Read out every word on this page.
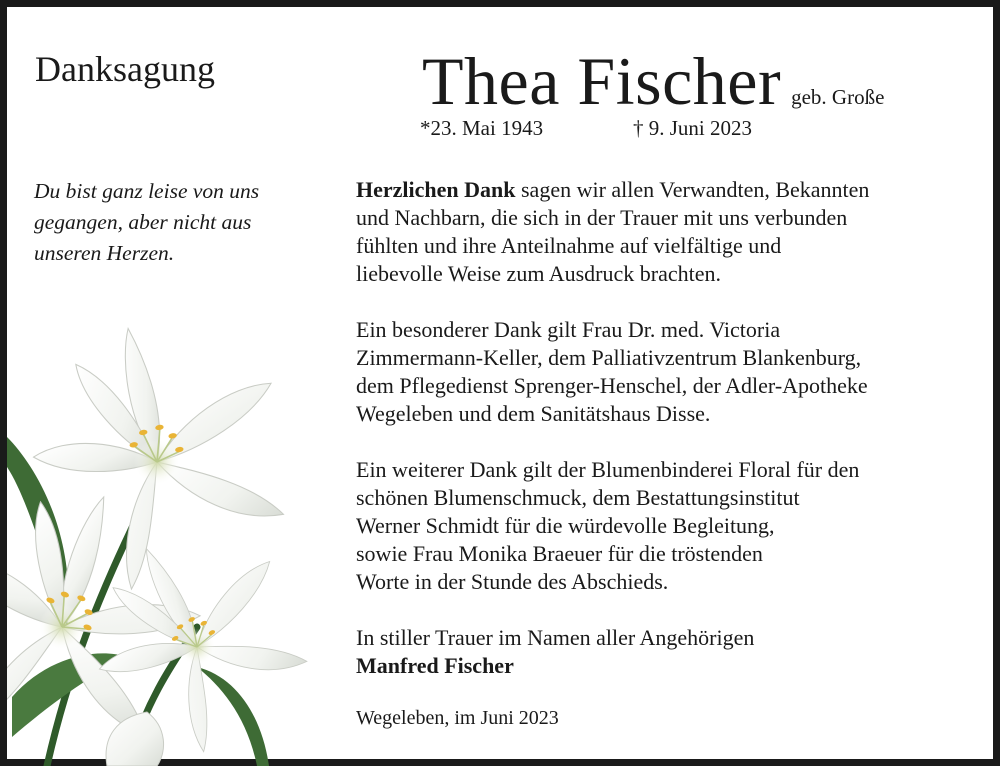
Danksagung	Thea Fischer geb. Große
*23. Mai 1943	† 9. Juni 2023
Du bist ganz leise von uns
gegangen, aber nicht aus
unseren Herzen.
Herzlichen Dank sagen wir allen Verwandten, Bekannten
und Nachbarn, die sich in der Trauer mit uns verbunden
fühlten und ihre Anteilnahme auf vielfältige und
liebevolle Weise zum Ausdruck brachten.
Ein besonderer Dank gilt Frau Dr. med. Victoria
Zimmermann-Keller, dem Palliativzentrum Blankenburg,
dem Pflegedienst Sprenger-Henschel, der Adler-Apotheke
Wegeleben und dem Sanitätshaus Disse.
Ein weiterer Dank gilt der Blumenbinderei Floral für den
schönen Blumenschmuck, dem Bestattungsinstitut
Werner Schmidt für die würdevolle Begleitung,
sowie Frau Monika Braeuer für die tröstenden
Worte in der Stunde des Abschieds.
In stiller Trauer im Namen aller Angehörigen
Manfred Fischer
Wegeleben, im Juni 2023
